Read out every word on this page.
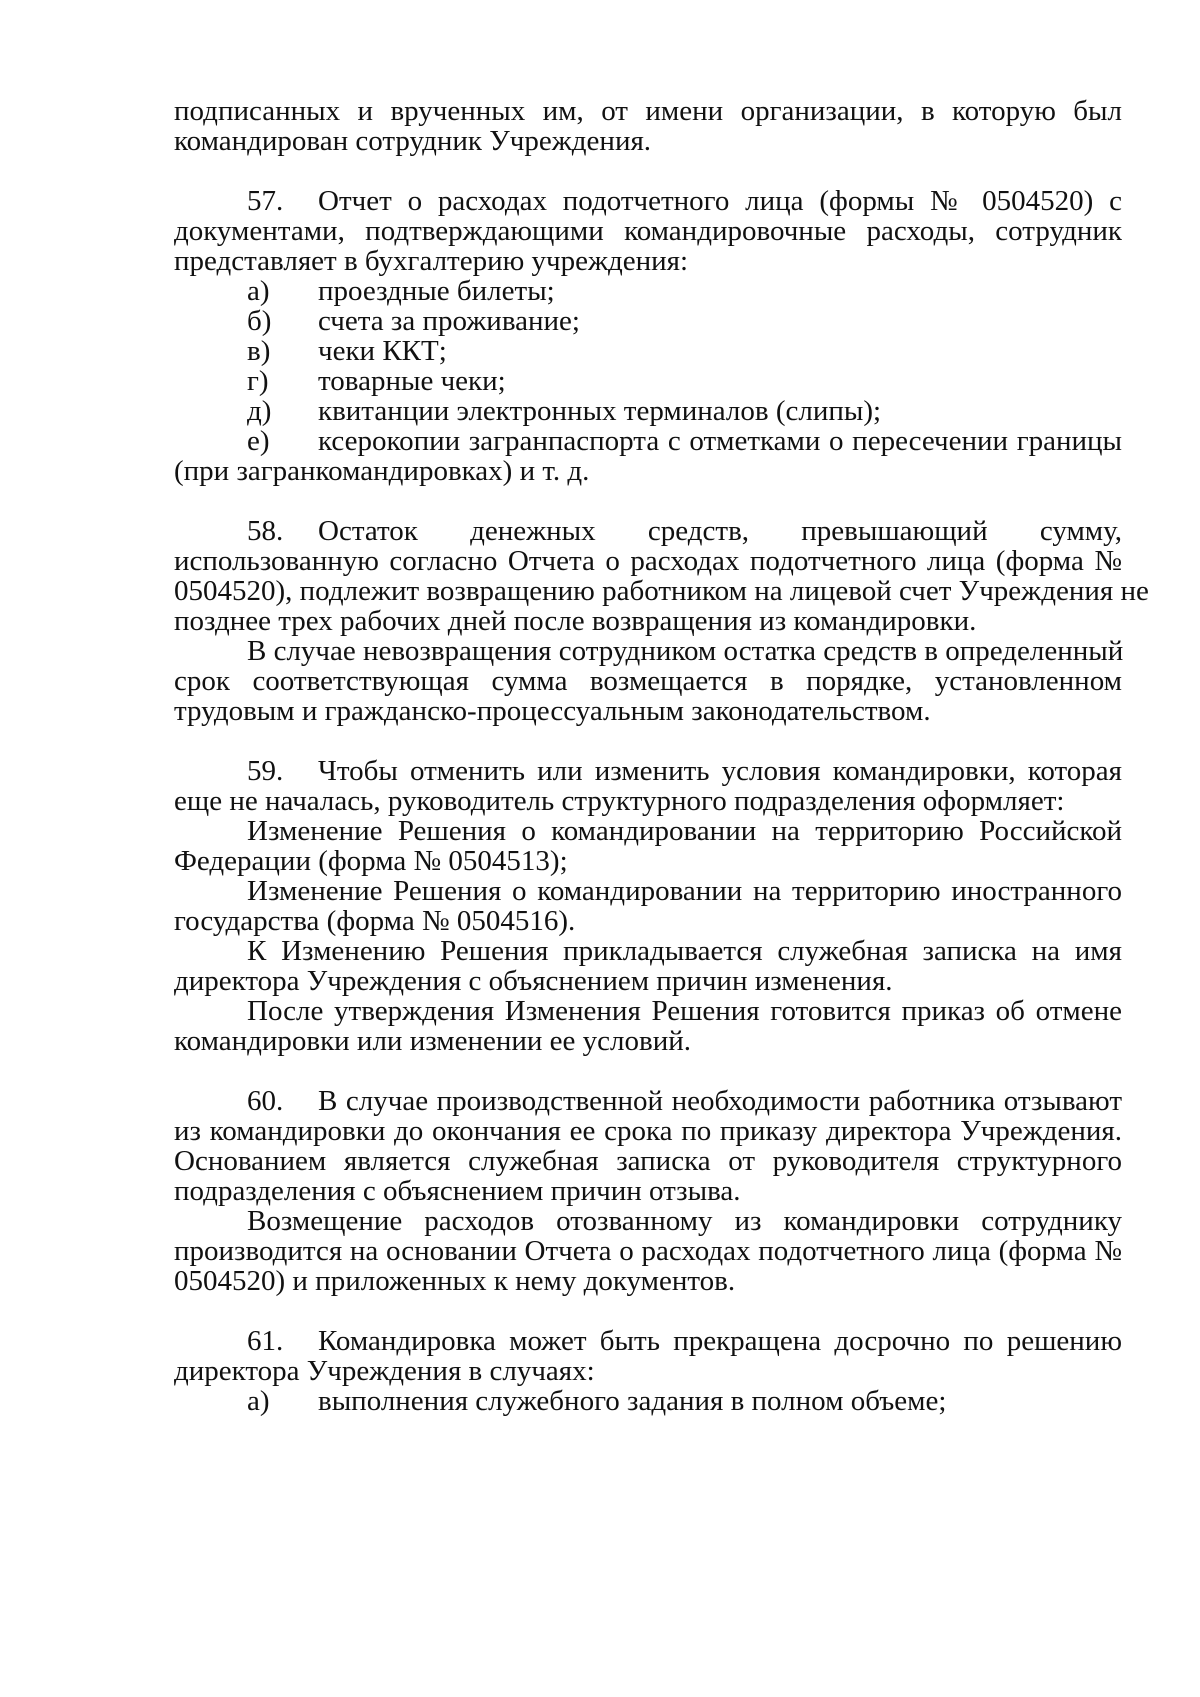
подписанных и врученных им, от имени организации, в которую был
командирован сотрудник Учреждения.
57. Отчет о расходах подотчетного лица (формы № 0504520) с
документами, подтверждающими командировочные расходы, сотрудник
представляет в бухгалтерию учреждения:
а) проездные билеты;
б) счета за проживание;
в) чеки ККТ;
г) товарные чеки;
д) квитанции электронных терминалов (слипы);
е) ксерокопии загранпаспорта с отметками о пересечении границы
(при загранкомандировках) и т. д.
58. Остаток денежных средств, превышающий сумму,
использованную согласно Отчета о расходах подотчетного лица (форма №
0504520), подлежит возвращению работником на лицевой счет Учреждения не
позднее трех рабочих дней после возвращения из командировки.
В случае невозвращения сотрудником остатка средств в определенный
срок соответствующая сумма возмещается в порядке, установленном
трудовым и гражданско-процессуальным законодательством.
59. Чтобы отменить или изменить условия командировки, которая
еще не началась, руководитель структурного подразделения оформляет:
Изменение Решения о командировании на территорию Российской
Федерации (форма № 0504513);
Изменение Решения о командировании на территорию иностранного
государства (форма № 0504516).
К Изменению Решения прикладывается служебная записка на имя
директора Учреждения с объяснением причин изменения.
После утверждения Изменения Решения готовится приказ об отмене
командировки или изменении ее условий.
60. В случае производственной необходимости работника отзывают
из командировки до окончания ее срока по приказу директора Учреждения.
Основанием является служебная записка от руководителя структурного
подразделения с объяснением причин отзыва.
Возмещение расходов отозванному из командировки сотруднику
производится на основании Отчета о расходах подотчетного лица (форма №
0504520) и приложенных к нему документов.
61. Командировка может быть прекращена досрочно по решению
директора Учреждения в случаях:
а) выполнения служебного задания в полном объеме;
